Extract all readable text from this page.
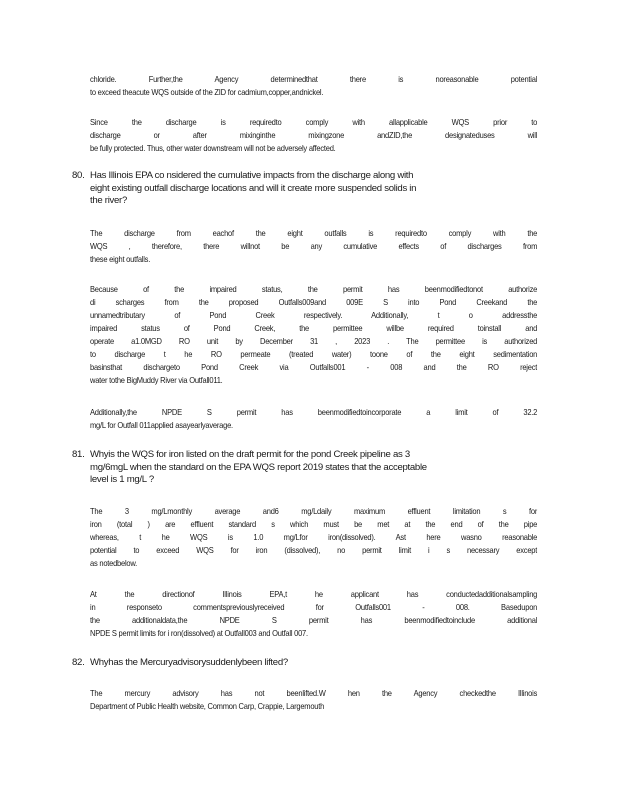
chloride. Further,the Agency determinedthat there is noreasonable potential
to exceed theacute WQS outside of the ZID for cadmium,copper,andnickel.
Since the discharge is requiredto comply with allapplicable WQS prior to
discharge or after mixinginthe mixingzone andZID,the designateduses will
be fully protected. Thus, other water downstream will not be adversely affected.
80. Has Illinois EPA co nsidered the cumulative impacts from the discharge along with
eight existing outfall discharge locations and will it create more suspended solids in
the river?
The discharge from eachof the eight outfalls is requiredto comply with the
WQS , therefore, there willnot be any cumulative effects of discharges from
these eight outfalls.
Because of the impaired status, the permit has beenmodifiedtonot authorize
di scharges from the proposed Outfalls009and 009E S into Pond Creekand the
unnamedtributary of Pond Creek respectively. Additionally, t o addressthe
impaired status of Pond Creek, the permittee willbe required toinstall and
operate a1.0MGD RO unit by December 31 , 2023 . The permittee is authorized
to discharge t he RO permeate (treated water) toone of the eight sedimentation
basinsthat dischargeto Pond Creek via Outfalls001 - 008 and the RO reject
water tothe BigMuddy River via Outfall011.
Additionally,the NPDE S permit has beenmodifiedtoincorporate a limit of 32.2
mg/L for Outfall 011applied asayearlyaverage.
81. Whyis the WQS for iron listed on the draft permit for the pond Creek pipeline as 3
mg/6mgL when the standard on the EPA WQS report 2019 states that the acceptable
level is 1 mg/L ?
The 3 mg/Lmonthly average and6 mg/Ldaily maximum effluent limitation s for
iron (total ) are effluent standard s which must be met at the end of the pipe
whereas, t he WQS is 1.0 mg/Lfor iron(dissolved). Ast here wasno reasonable
potential to exceed WQS for iron (dissolved), no permit limit i s necessary except
as notedbelow.
At the directionof Illinois EPA,t he applicant has conductedadditionalsampling
in responseto commentspreviouslyreceived for Outfalls001 - 008. Basedupon
the additionaldata,the NPDE S permit has beenmodifiedtoinclude additional
NPDE S permit limits for i ron(dissolved) at Outfall003 and Outfall 007.
82. Whyhas the Mercuryadvisorysuddenlybeen lifted?
The mercury advisory has not beenlifted.W hen the Agency checkedthe Illinois
Department of Public Health website, Common Carp, Crappie, Largemouth
